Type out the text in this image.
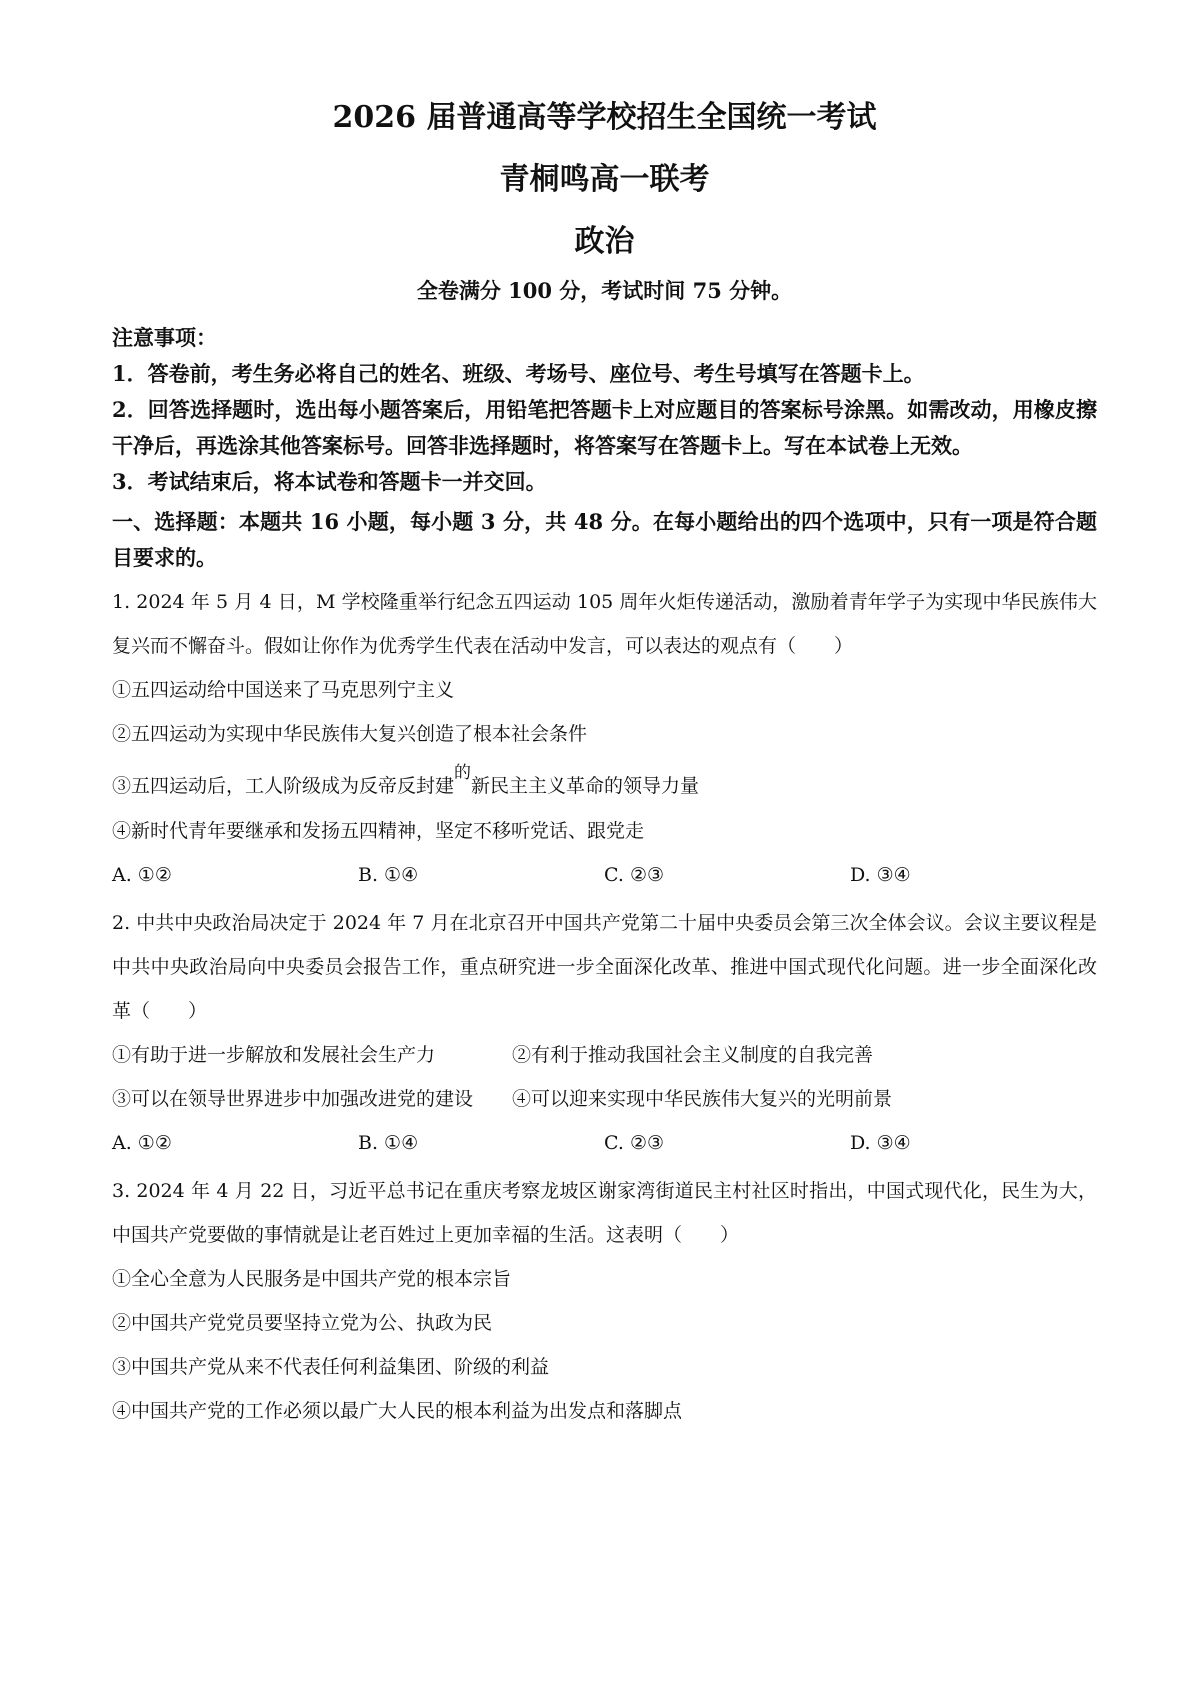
2026 届普通高等学校招生全国统一考试
青桐鸣高一联考
政治
全卷满分 100 分，考试时间 75 分钟。

注意事项：

1．答卷前，考生务必将自己的姓名、班级、考场号、座位号、考生号填写在答题卡上。

2．回答选择题时，选出每小题答案后，用铅笔把答题卡上对应题目的答案标号涂黑。如需改动，用橡皮擦干净后，再选涂其他答案标号。回答非选择题时，将答案写在答题卡上。写在本试卷上无效。

3．考试结束后，将本试卷和答题卡一并交回。

一、选择题：本题共 16 小题，每小题 3 分，共 48 分。在每小题给出的四个选项中，只有一项是符合题目要求的。

1. 2024 年 5 月 4 日，M 学校隆重举行纪念五四运动 105 周年火炬传递活动，激励着青年学子为实现中华民族伟大复兴而不懈奋斗。假如让你作为优秀学生代表在活动中发言，可以表达的观点有（　　）

①五四运动给中国送来了马克思列宁主义

②五四运动为实现中华民族伟大复兴创造了根本社会条件

③五四运动后，工人阶级成为反帝反封建的新民主主义革命的领导力量

④新时代青年要继承和发扬五四精神，坚定不移听党话、跟党走

A. ①②	B. ①④	C. ②③	D. ③④

2. 中共中央政治局决定于 2024 年 7 月在北京召开中国共产党第二十届中央委员会第三次全体会议。会议主要议程是中共中央政治局向中央委员会报告工作，重点研究进一步全面深化改革、推进中国式现代化问题。进一步全面深化改革（　　）

①有助于进一步解放和发展社会生产力	②有利于推动我国社会主义制度的自我完善
③可以在领导世界进步中加强改进党的建设 ④可以迎来实现中华民族伟大复兴的光明前景
A. ①②	B. ①④	C. ②③	D. ③④

3. 2024 年 4 月 22 日，习近平总书记在重庆考察龙坡区谢家湾街道民主村社区时指出，中国式现代化，民生为大，中国共产党要做的事情就是让老百姓过上更加幸福的生活。这表明（　　）

①全心全意为人民服务是中国共产党的根本宗旨

②中国共产党党员要坚持立党为公、执政为民

③中国共产党从来不代表任何利益集团、阶级的利益

④中国共产党的工作必须以最广大人民的根本利益为出发点和落脚点
